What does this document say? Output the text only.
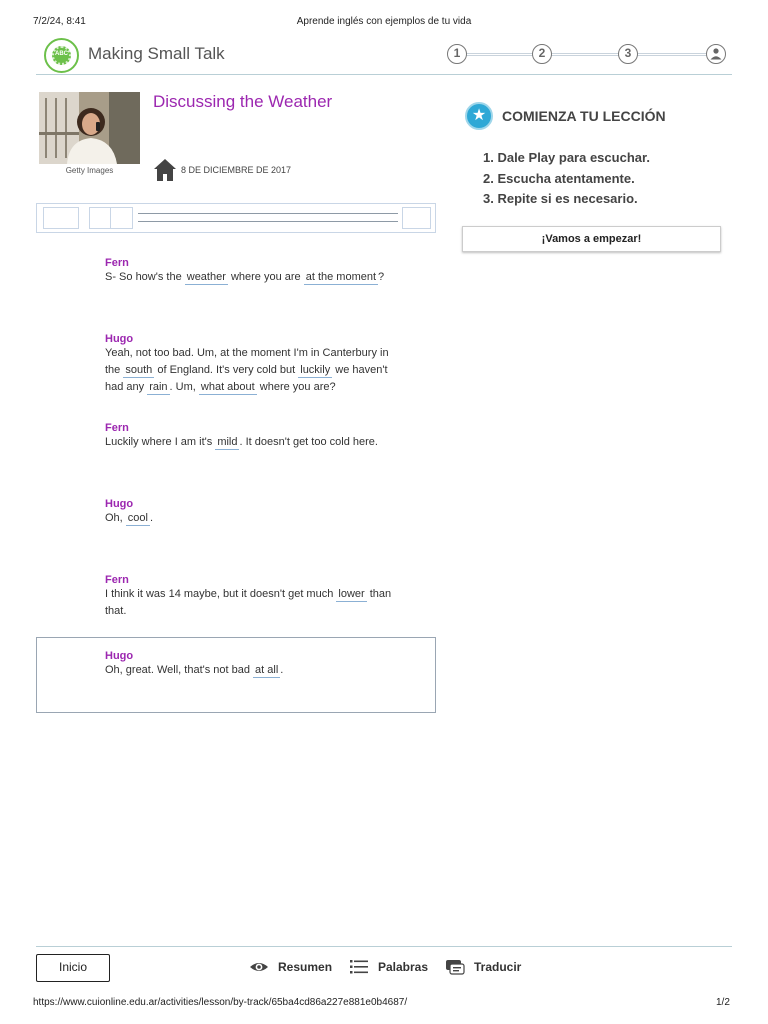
7/2/24, 8:41	Aprende inglés con ejemplos de tu vida
ABC Making Small Talk	1	2	3
Getty Images
Discussing the Weather
8 DE DICIEMBRE DE 2017
Fern
S- So how's the weather where you are at the moment ?
Hugo
Yeah, not too bad. Um, at the moment I'm in Canterbury in
the south of England. It's very cold but luckily we haven't
had any rain . Um, what about where you are?
Fern
Luckily where I am it's mild . It doesn't get too cold here.
Hugo
Oh, cool .
Fern
I think it was 14 maybe, but it doesn't get much lower than
that.
Hugo
Oh, great. Well, that's not bad at all .
★	COMIENZA TU LECCIÓN
1. Dale Play para escuchar.
2. Escucha atentamente.
3. Repite si es necesario.
¡Vamos a empezar!
Inicio	Resumen	Palabras	Traducir
https://www.cuionline.edu.ar/activities/lesson/by-track/65ba4cd86a227e881e0b4687/	1/2
